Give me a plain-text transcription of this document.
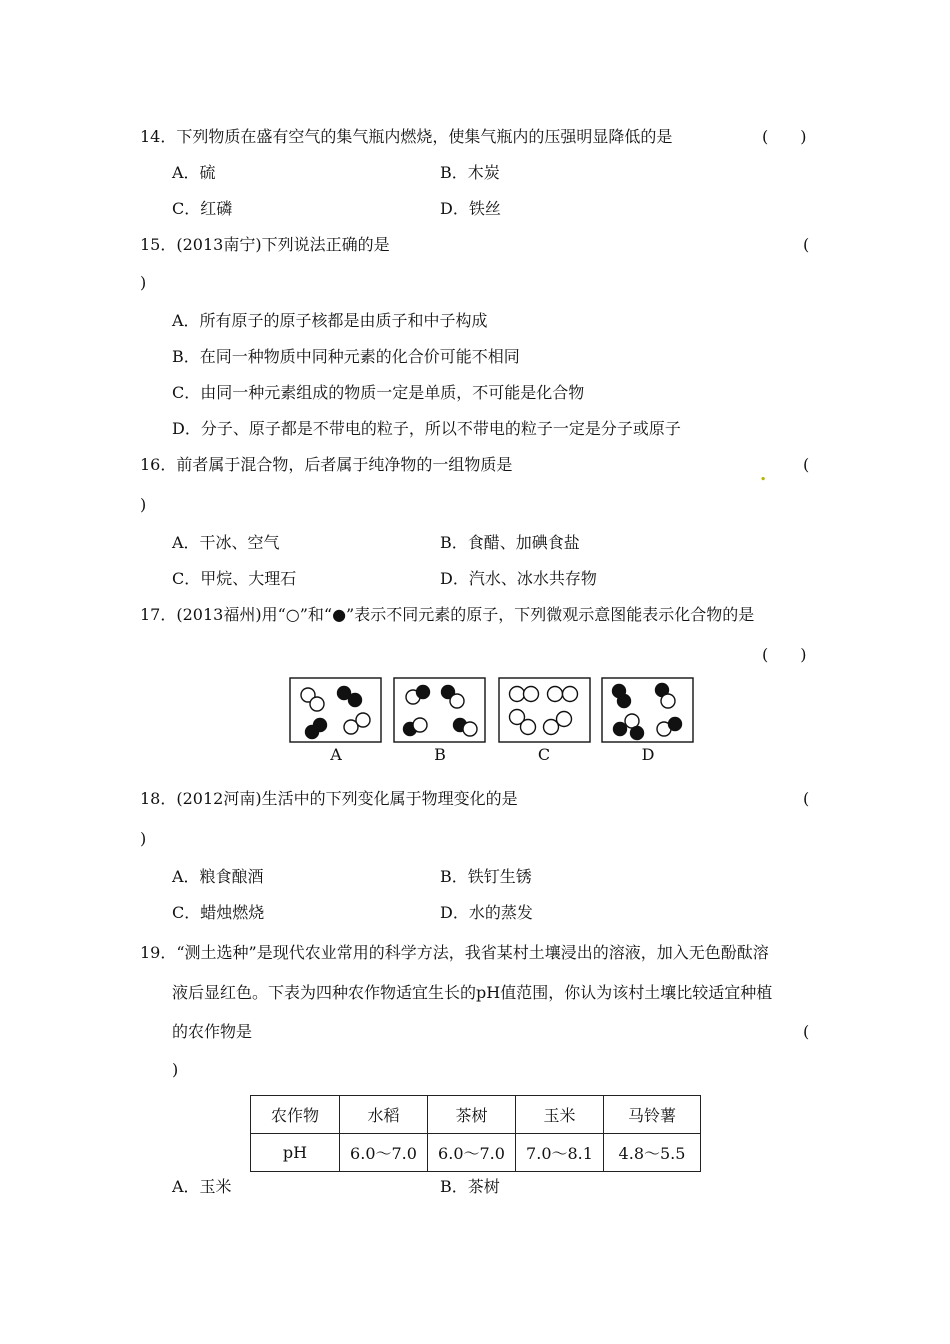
14．下列物质在盛有空气的集气瓶内燃烧，使集气瓶内的压强明显降低的是	(　　)
A．硫	B．木炭
C．红磷	D．铁丝
15．(2013南宁)下列说法正确的是	(
)
A．所有原子的原子核都是由质子和中子构成
B．在同一种物质中同种元素的化合价可能不相同
C．由同一种元素组成的物质一定是单质，不可能是化合物
D．分子、原子都是不带电的粒子，所以不带电的粒子一定是分子或原子
16．前者属于混合物，后者属于纯净物的一组物质是	. (
)
A．干冰、空气	B．食醋、加碘食盐
C．甲烷、大理石	D．汽水、冰水共存物
17．(2013福州)用“○”和“●”表示不同元素的原子，下列微观示意图能表示化合物的是
(　　)
A	B	C	D
18．(2012河南)生活中的下列变化属于物理变化的是	(
)
A．粮食酿酒	B．铁钉生锈
C．蜡烛燃烧	D．水的蒸发
19．“测土选种”是现代农业常用的科学方法，我省某村土壤浸出的溶液，加入无色酚酞溶
液后显红色。下表为四种农作物适宜生长的pH值范围，你认为该村土壤比较适宜种植
的农作物是	(
)
农作物	水稻	茶树	玉米	马铃薯
pH	6.0～7.0	6.0～7.0	7.0～8.1	4.8～5.5
A．玉米	B．茶树
